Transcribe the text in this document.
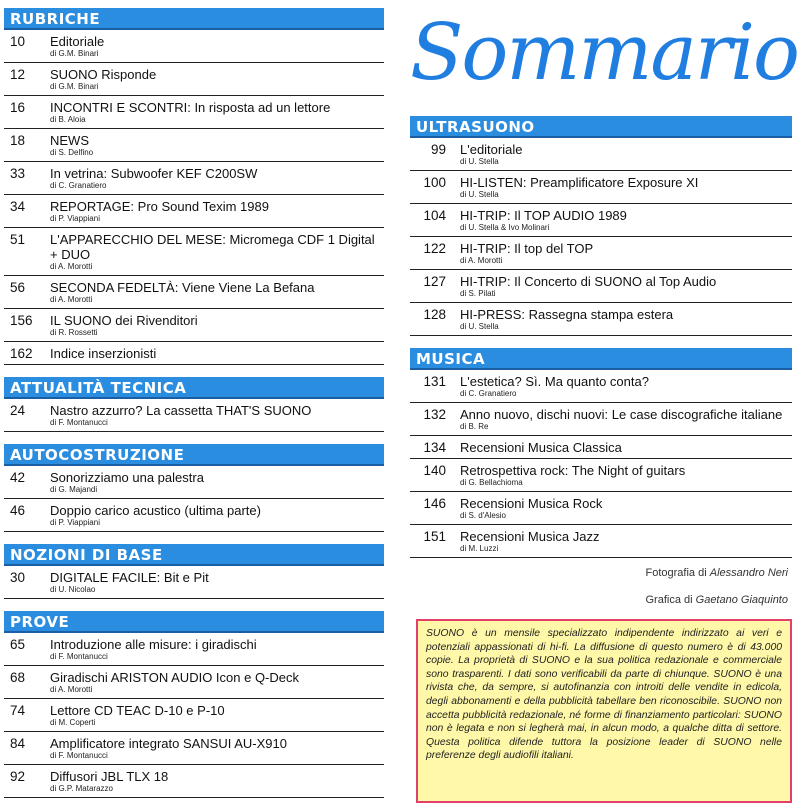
RUBRICHE
10	Editoriale
di G.M. Binari
12	SUONO Risponde
di G.M. Binari
16	INCONTRI E SCONTRI: In risposta ad un lettore
di B. Aloia
18	NEWS
di S. Delfino
33	In vetrina: Subwoofer KEF C200SW
di C. Granatiero
34	REPORTAGE: Pro Sound Texim 1989
di P. Viappiani
51	L'APPARECCHIO DEL MESE: Micromega CDF 1 Digital + DUO
di A. Morotti
56	SECONDA FEDELTÀ: Viene Viene La Befana
di A. Morotti
156	IL SUONO dei Rivenditori
di R. Rossetti
162	Indice inserzionisti
ATTUALITÀ TECNICA
24	Nastro azzurro? La cassetta THAT'S SUONO
di F. Montanucci
AUTOCOSTRUZIONE
42	Sonorizziamo una palestra
di G. Majandi
46	Doppio carico acustico (ultima parte)
di P. Viappiani
NOZIONI DI BASE
30	DIGITALE FACILE: Bit e Pit
di U. Nicolao
PROVE
65	Introduzione alle misure: i giradischi
di F. Montanucci
68	Giradischi ARISTON AUDIO Icon e Q-Deck
di A. Morotti
74	Lettore CD TEAC D-10 e P-10
di M. Coperti
84	Amplificatore integrato SANSUI AU-X910
di F. Montanucci
92	Diffusori JBL TLX 18
di G.P. Matarazzo
Sommario
ULTRASUONO
99	L'editoriale
di U. Stella
100	HI-LISTEN: Preamplificatore Exposure XI
di U. Stella
104	HI-TRIP: Il TOP AUDIO 1989
di U. Stella & Ivo Molinari
122	HI-TRIP: Il top del TOP
di A. Morotti
127	HI-TRIP: Il Concerto di SUONO al Top Audio
di S. Pilati
128	HI-PRESS: Rassegna stampa estera
di U. Stella
MUSICA
131	L'estetica? Sì. Ma quanto conta?
di C. Granatiero
132	Anno nuovo, dischi nuovi: Le case discografiche italiane
di B. Re
134	Recensioni Musica Classica
140	Retrospettiva rock: The Night of guitars
di G. Bellachioma
146	Recensioni Musica Rock
di S. d'Alesio
151	Recensioni Musica Jazz
di M. Luzzi
Fotografia di Alessandro Neri
Grafica di Gaetano Giaquinto
SUONO è un mensile specializzato indipendente indirizzato ai veri e potenziali appassionati di hi-fi. La diffusione di questo numero è di 43.000 copie. La proprietà di SUONO e la sua politica redazionale e commerciale sono trasparenti. I dati sono verificabili da parte di chiunque. SUONO è una rivista che, da sempre, si autofinanzia con introiti delle vendite in edicola, degli abbonamenti e della pubblicità tabellare ben riconoscibile. SUONO non accetta pubblicità redazionale, né forme di finanziamento particolari: SUONO non è legata e non si legherà mai, in alcun modo, a qualche ditta di settore. Questa politica difende tuttora la posizione leader di SUONO nelle preferenze degli audiofili italiani.
